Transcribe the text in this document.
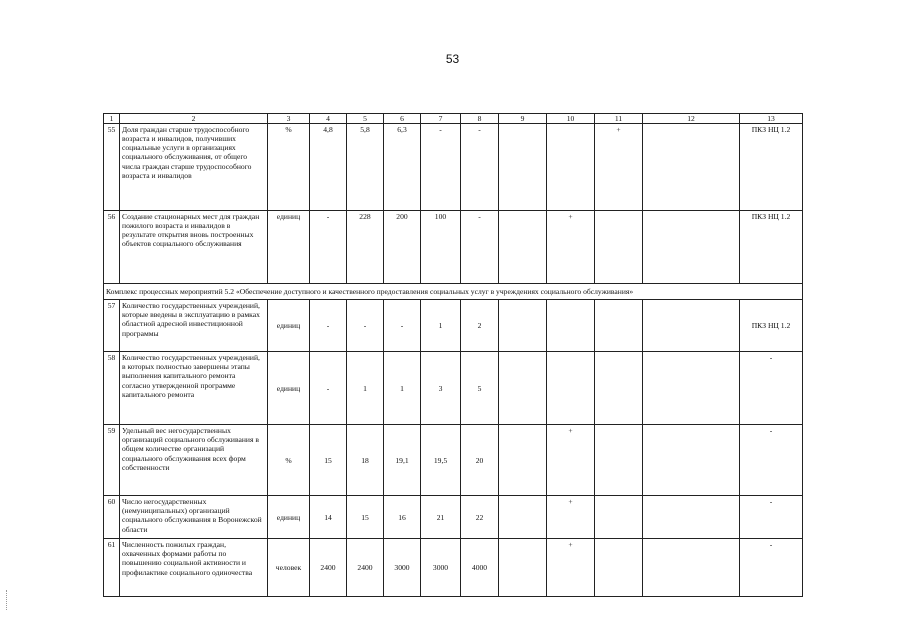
53
1	2	3	4	5	6	7	8	9	10	11	12	13
55	Доля граждан старше трудоспособного возраста и инвалидов, получивших социальные услуги в организациях социального обслуживания, от общего числа граждан старше трудоспособного возраста и инвалидов	%	4,8	5,8	6,3	-	-			+		ПКЗ НЦ 1.2
56	Создание стационарных мест для граждан пожилого возраста и инвалидов в результате открытия вновь построенных объектов социального обслуживания	единиц	-	228	200	100	-		+			ПКЗ НЦ 1.2
Комплекс процессных мероприятий 5.2 «Обеспечение доступного и качественного предоставления социальных услуг в учреждениях социального обслуживания»												
57	Количество государственных учреждений, которые введены в эксплуатацию в рамках областной адресной инвестиционной программы	единиц	-	-	-	1	2					ПКЗ НЦ 1.2
58	Количество государственных учреждений, в которых полностью завершены этапы выполнения капитального ремонта согласно утвержденной программе капитального ремонта	единиц	-	1	1	3	5					-
59	Удельный вес негосударственных организаций социального обслуживания в общем количестве организаций социального обслуживания всех форм собственности	%	15	18	19,1	19,5	20		+			-
60	Число негосударственных (немуниципальных) организаций социального обслуживания в Воронежской области	единиц	14	15	16	21	22		+			-
61	Численность пожилых граждан, охваченных формами работы по повышению социальной активности и профилактике социального одиночества	человек	2400	2400	3000	3000	4000		+			-
